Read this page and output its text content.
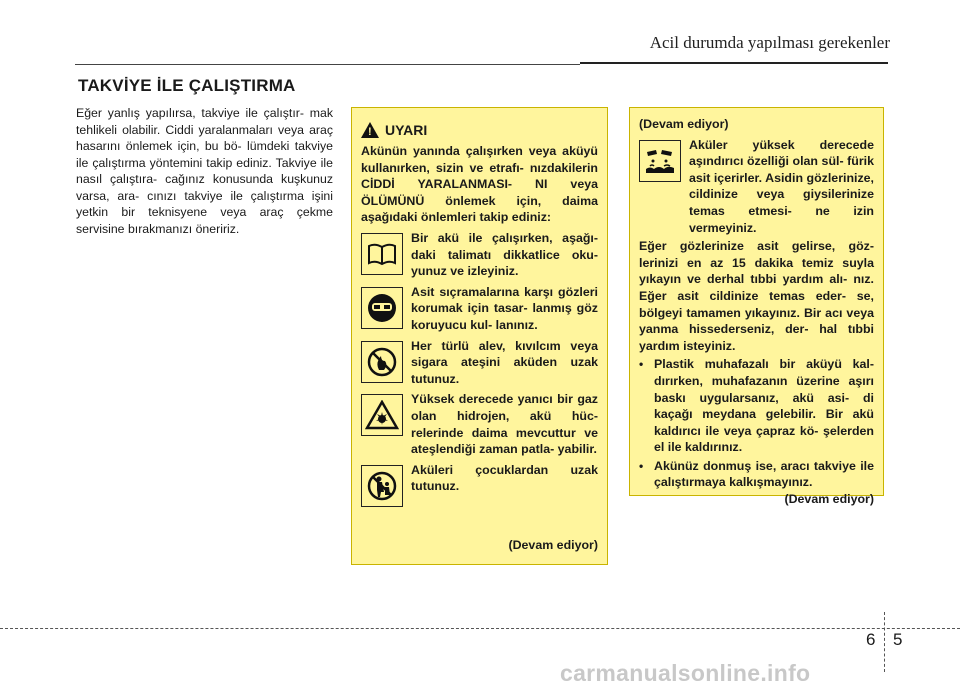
Acil durumda yapılması gerekenler
TAKVİYE İLE ÇALIŞTIRMA
Eğer yanlış yapılırsa, takviye ile çalıştır- mak tehlikeli olabilir. Ciddi yaralanmaları veya araç hasarını önlemek için, bu bö- lümdeki takviye ile çalıştırma yöntemini takip ediniz. Takviye ile nasıl çalıştıra- cağınız konusunda kuşkunuz varsa, ara- cınızı takviye ile çalıştırma işini yetkin bir teknisyene veya araç çekme servisine bırakmanızı öneririz.
! UYARI
Akünün yanında çalışırken veya aküyü kullanırken, sizin ve etrafı- nızdakilerin CİDDİ YARALANMASI- NI veya ÖLÜMÜNÜ önlemek için, daima aşağıdaki önlemleri takip ediniz:
Bir akü ile çalışırken, aşağı- daki talimatı dikkatlice oku- yunuz ve izleyiniz.
Asit sıçramalarına karşı gözleri korumak için tasar- lanmış göz koruyucu kul- lanınız.
Her türlü alev, kıvılcım veya sigara ateşini aküden uzak tutunuz.
Yüksek derecede yanıcı bir gaz olan hidrojen, akü hüc- relerinde daima mevcuttur ve ateşlendiği zaman patla- yabilir.
Aküleri çocuklardan uzak tutunuz.
(Devam ediyor)
(Devam ediyor)
Aküler yüksek derecede aşındırıcı özelliği olan sül- fürik asit içerirler. Asidin gözlerinize, cildinize veya giysilerinize temas etmesi- ne izin vermeyiniz.
Eğer gözlerinize asit gelirse, göz- lerinizi en az 15 dakika temiz suyla yıkayın ve derhal tıbbi yardım alı- nız. Eğer asit cildinize temas eder- se, bölgeyi tamamen yıkayınız. Bir acı veya yanma hissederseniz, der- hal tıbbi yardım isteyiniz.
• Plastik muhafazalı bir aküyü kal- dırırken, muhafazanın üzerine aşırı baskı uygularsanız, akü asi- di kaçağı meydana gelebilir. Bir akü kaldırıcı ile veya çapraz kö- şelerden el ile kaldırınız.
• Akünüz donmuş ise, aracı takviye ile çalıştırmaya kalkışmayınız.
(Devam ediyor)
6 5
carmanualsonline.info
